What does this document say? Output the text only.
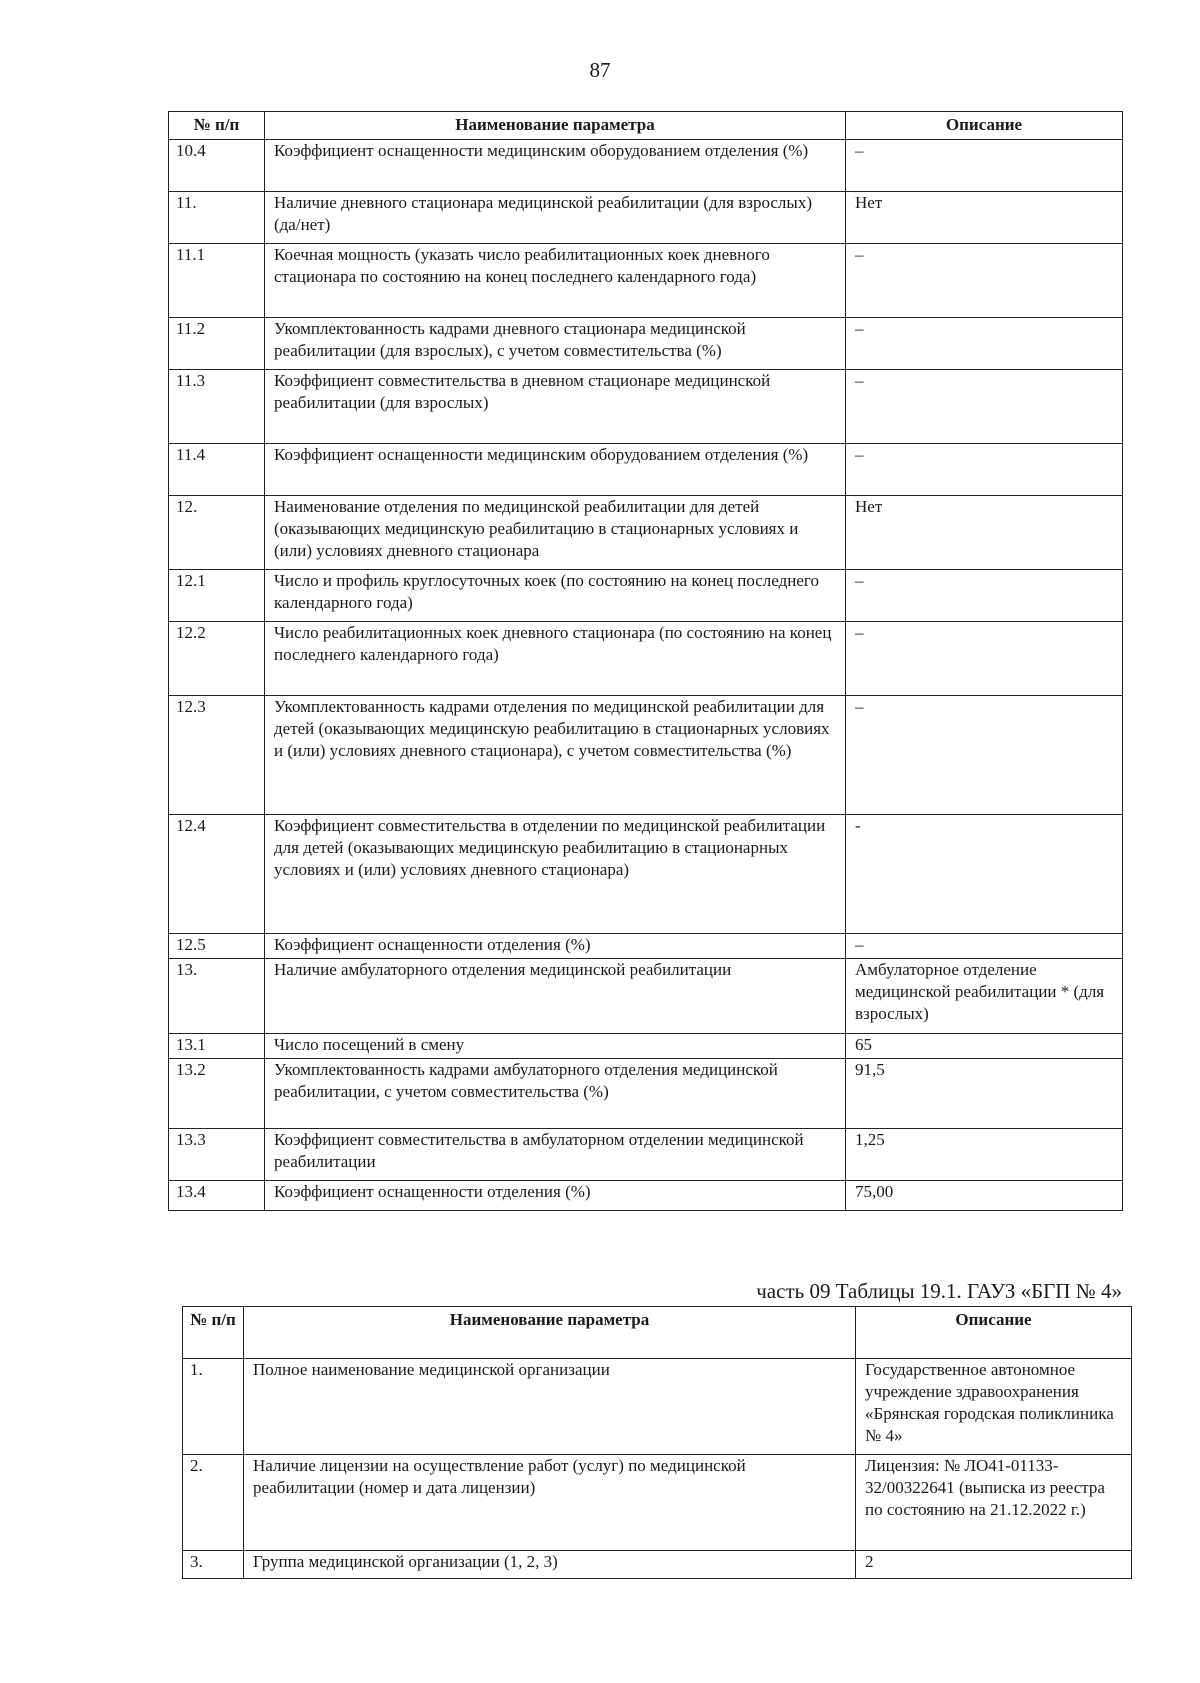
87
№ п/п	Наименование параметра	Описание
10.4	Коэффициент оснащенности медицинским оборудованием отделения (%)	–
11.	Наличие дневного стационара медицинской реабилитации (для взрослых) (да/нет)	Нет
11.1	Коечная мощность (указать число реабилитационных коек дневного стационара по состоянию на конец последнего календарного года)	–
11.2	Укомплектованность кадрами дневного стационара медицинской реабилитации (для взрослых), с учетом совместительства (%)	–
11.3	Коэффициент совместительства в дневном стационаре медицинской реабилитации (для взрослых)	–
11.4	Коэффициент оснащенности медицинским оборудованием отделения (%)	–
12.	Наименование отделения по медицинской реабилитации для детей (оказывающих медицинскую реабилитацию в стационарных условиях и (или) условиях дневного стационара	Нет
12.1	Число и профиль круглосуточных коек (по состоянию на конец последнего календарного года)	–
12.2	Число реабилитационных коек дневного стационара (по состоянию на конец последнего календарного года)	–
12.3	Укомплектованность кадрами отделения по медицинской реабилитации для детей (оказывающих медицинскую реабилитацию в стационарных условиях и (или) условиях дневного стационара), с учетом совместительства (%)	–
12.4	Коэффициент совместительства в отделении по медицинской реабилитации для детей (оказывающих медицинскую реабилитацию в стационарных условиях и (или) условиях дневного стационара)	-
12.5	Коэффициент оснащенности отделения (%)	–
13.	Наличие амбулаторного отделения медицинской реабилитации	Амбулаторное отделение медицинской реабилитации * (для взрослых)
13.1	Число посещений в смену	65
13.2	Укомплектованность кадрами амбулаторного отделения медицинской реабилитации, с учетом совместительства (%)	91,5
13.3	Коэффициент совместительства в амбулаторном отделении медицинской реабилитации	1,25
13.4	Коэффициент оснащенности отделения (%)	75,00
часть 09 Таблицы 19.1. ГАУЗ «БГП № 4»
№ п/п	Наименование параметра	Описание
1.	Полное наименование медицинской организации	Государственное автономное учреждение здравоохранения «Брянская городская поликлиника № 4»
2.	Наличие лицензии на осуществление работ (услуг) по медицинской реабилитации (номер и дата лицензии)	Лицензия: № ЛО41-01133-32/00322641 (выписка из реестра по состоянию на 21.12.2022 г.)
3.	Группа медицинской организации (1, 2, 3)	2
